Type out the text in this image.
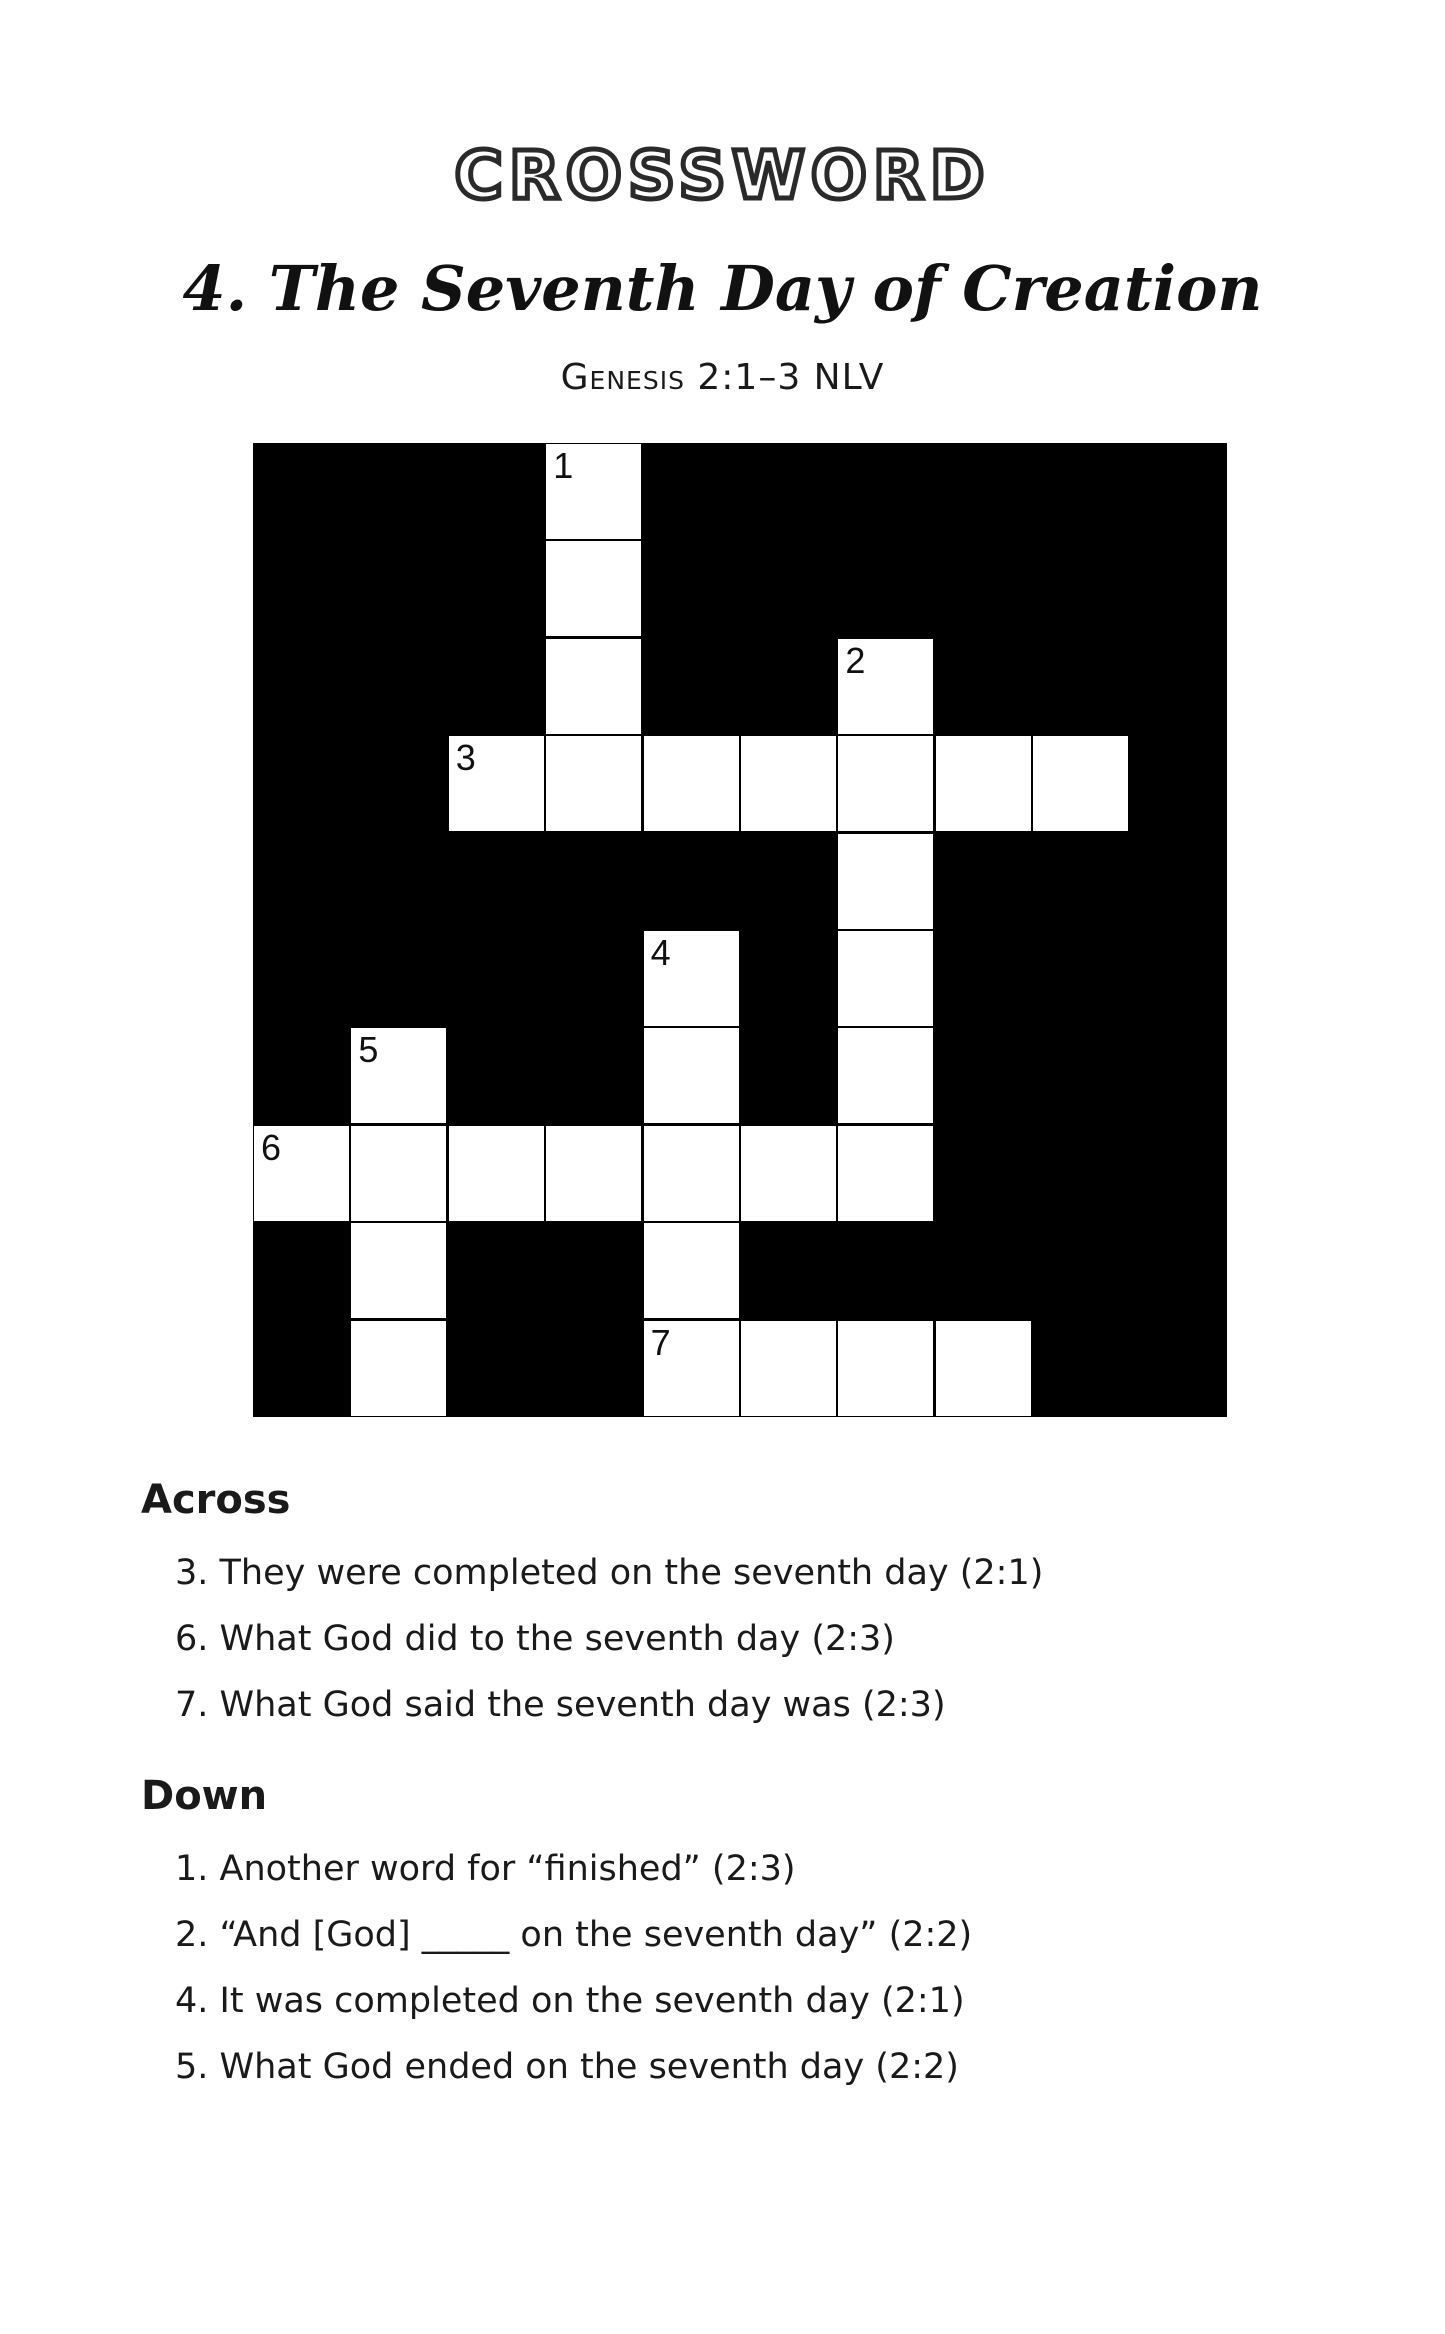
CROSSWORD
4. The Seventh Day of Creation
Genesis 2:1–3 NLV
1
2
3
4
5
6
7
Across
3. They were completed on the seventh day (2:1)
6. What God did to the seventh day (2:3)
7. What God said the seventh day was (2:3)
Down
1. Another word for “finished” (2:3)
2. “And [God] _____ on the seventh day” (2:2)
4. It was completed on the seventh day (2:1)
5. What God ended on the seventh day (2:2)
